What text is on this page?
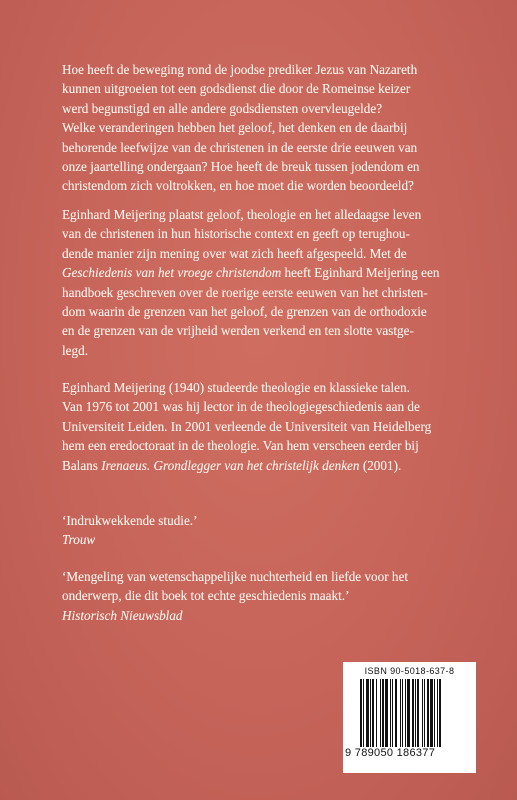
Hoe heeft de beweging rond de joodse prediker Jezus van Nazareth

kunnen uitgroeien tot een godsdienst die door de Romeinse keizer

werd begunstigd en alle andere godsdiensten overvleugelde?

Welke veranderingen hebben het geloof, het denken en de daarbij

behorende leefwijze van de christenen in de eerste drie eeuwen van

onze jaartelling ondergaan? Hoe heeft de breuk tussen jodendom en

christendom zich voltrokken, en hoe moet die worden beoordeeld?

Eginhard Meijering plaatst geloof, theologie en het alledaagse leven

van de christenen in hun historische context en geeft op terughou-

dende manier zijn mening over wat zich heeft afgespeeld. Met de

Geschiedenis van het vroege christendom heeft Eginhard Meijering een

handboek geschreven over de roerige eerste eeuwen van het christen-

dom waarin de grenzen van het geloof, de grenzen van de orthodoxie

en de grenzen van de vrijheid werden verkend en ten slotte vastge-

legd.

Eginhard Meijering (1940) studeerde theologie en klassieke talen.

Van 1976 tot 2001 was hij lector in de theologiegeschiedenis aan de

Universiteit Leiden. In 2001 verleende de Universiteit van Heidelberg

hem een eredoctoraat in de theologie. Van hem verscheen eerder bij

Balans Irenaeus. Grondlegger van het christelijk denken (2001).

‘Indrukwekkende studie.’

Trouw

‘Mengeling van wetenschappelijke nuchterheid en liefde voor het

onderwerp, die dit boek tot echte geschiedenis maakt.’

Historisch Nieuwsblad
ISBN 90-5018-637-8
9 789050 186377
